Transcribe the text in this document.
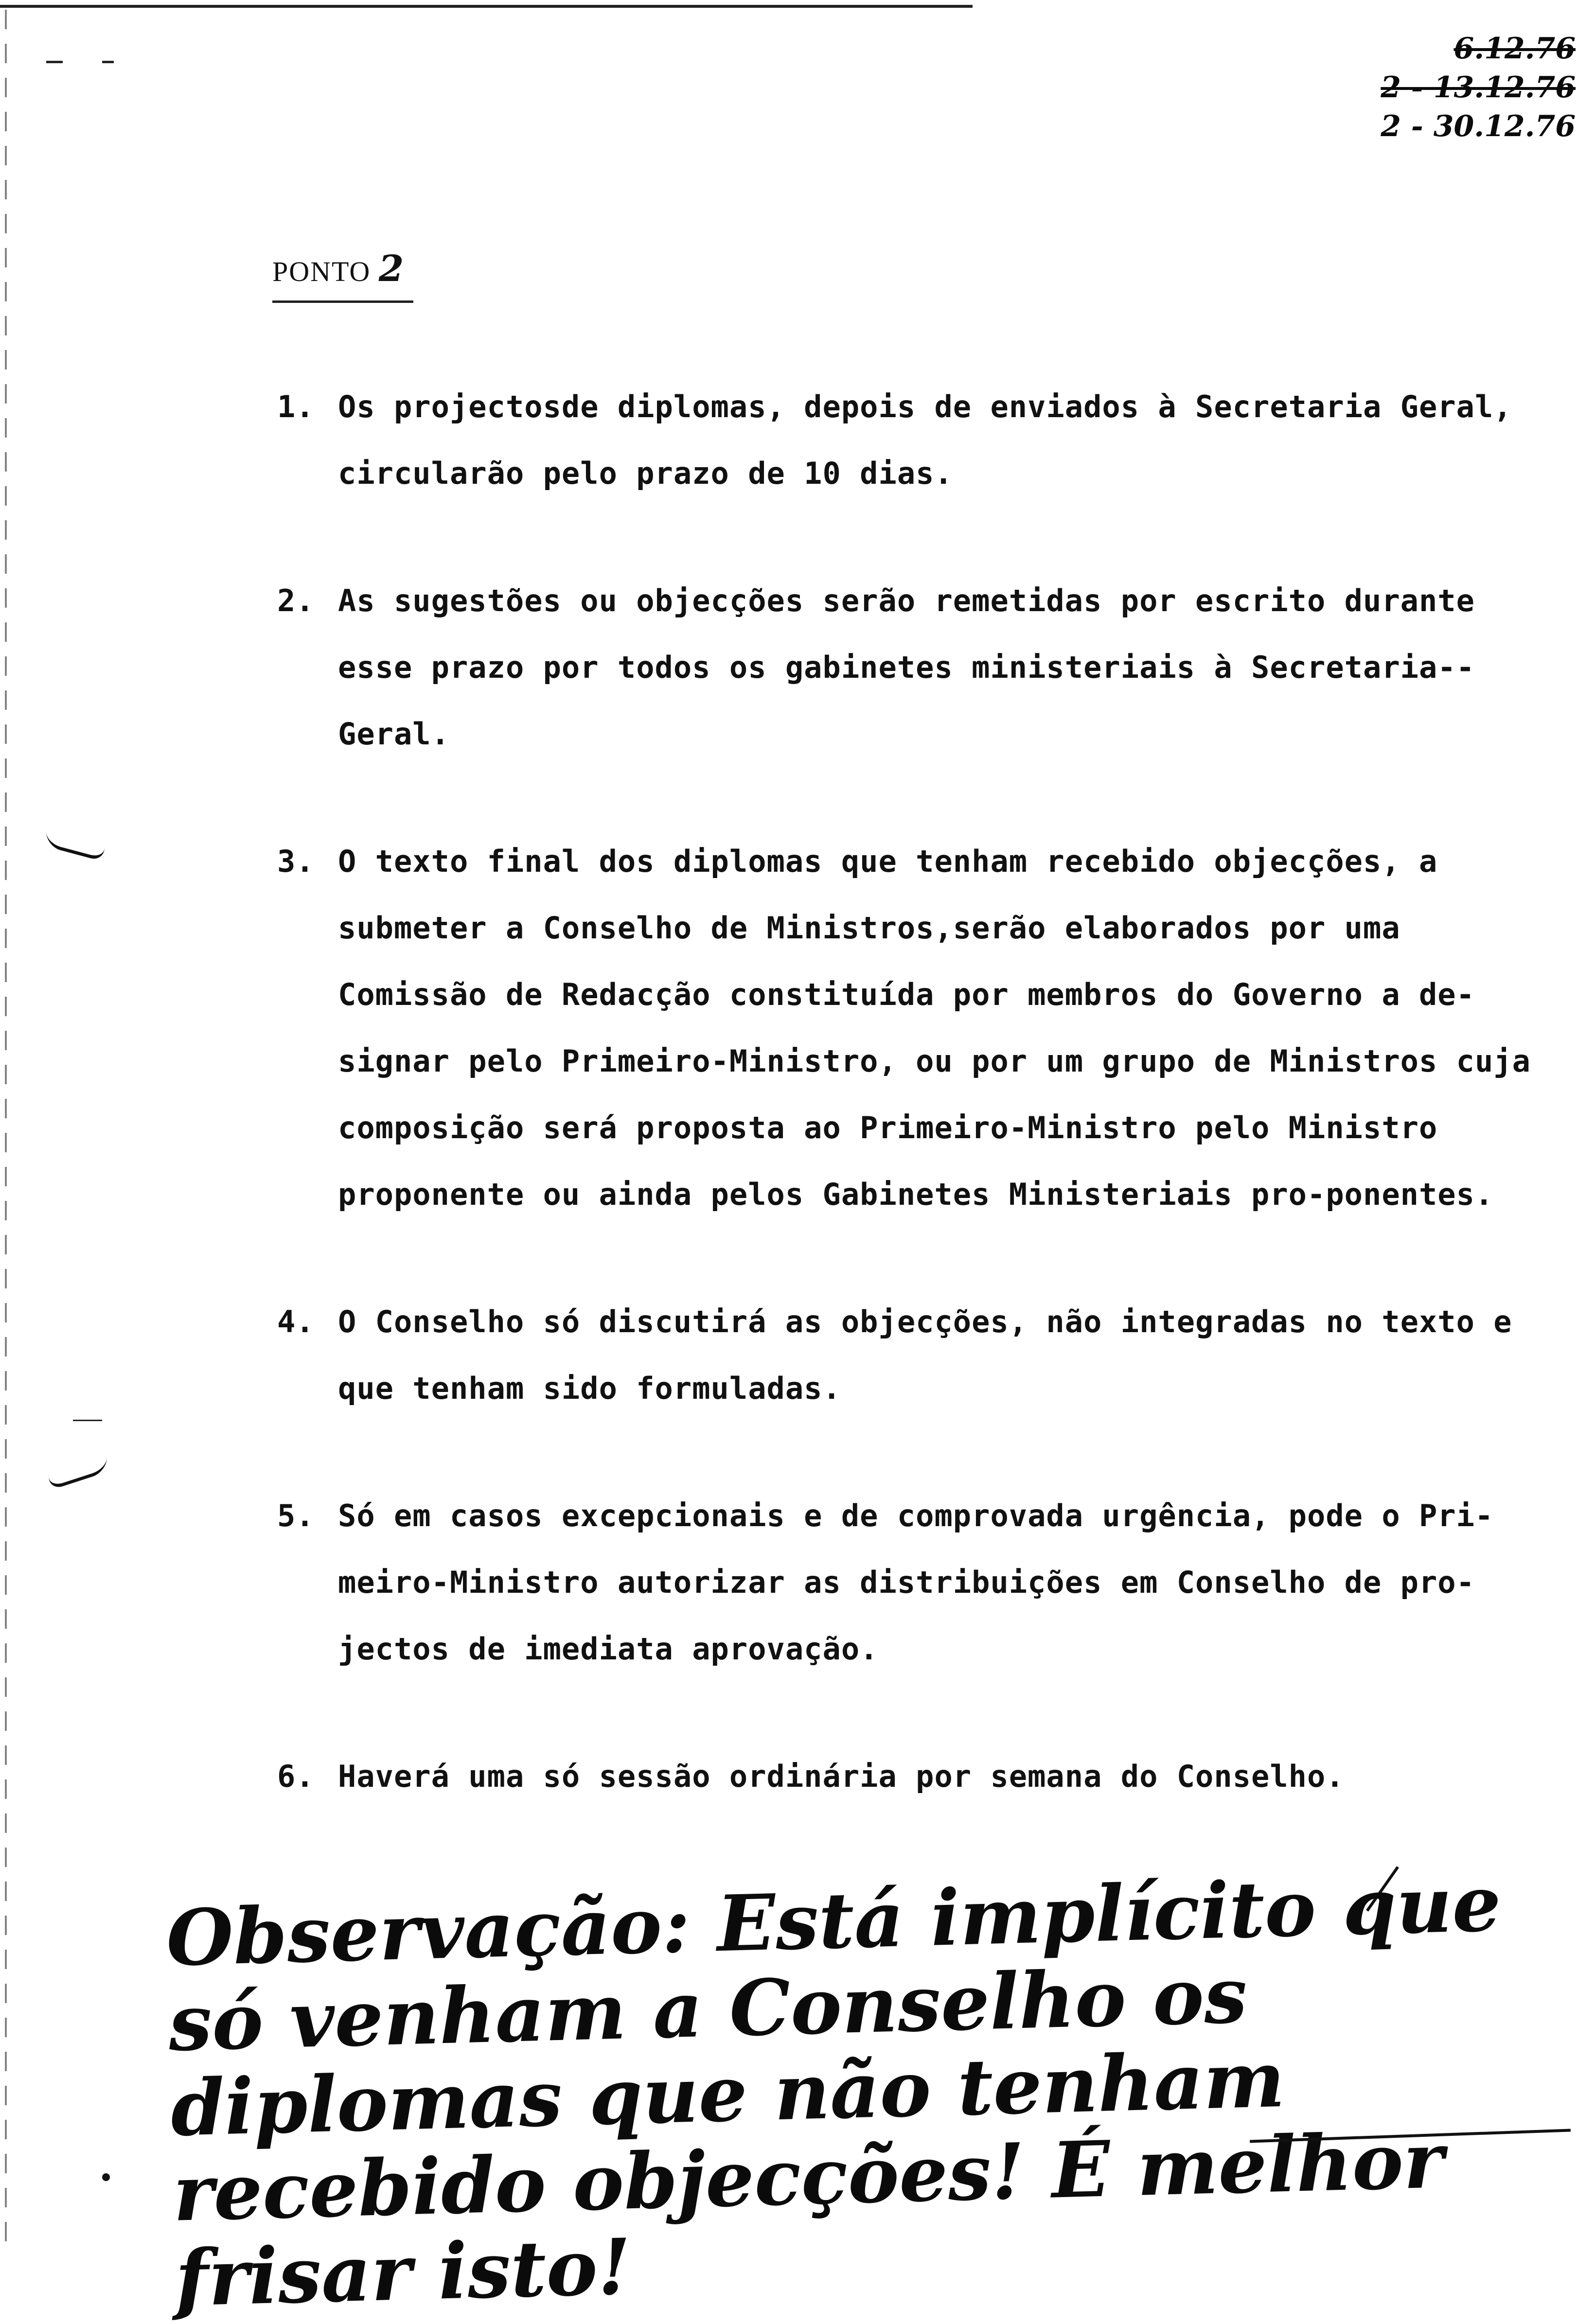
6.12.76
2 - 13.12.76
2 - 30.12.76
PONTO 2
1. Os projectosde diplomas, depois de enviados à Secretaria Geral, circularão pelo prazo de 10 dias.
2. As sugestões ou objecções serão remetidas por escrito durante esse prazo por todos os gabinetes ministeriais à Secretaria--Geral.
3. O texto final dos diplomas que tenham recebido objecções, a submeter a Conselho de Ministros,serão elaborados por uma Comissão de Redacção constituída por membros do Governo a de-signar pelo Primeiro-Ministro, ou por um grupo de Ministros cuja composição será proposta ao Primeiro-Ministro pelo Ministro proponente ou ainda pelos Gabinetes Ministeriais pro-ponentes.
4. O Conselho só discutirá as objecções, não integradas no texto e que tenham sido formuladas.
5. Só em casos excepcionais e de comprovada urgência, pode o Pri-meiro-Ministro autorizar as distribuições em Conselho de pro-jectos de imediata aprovação.
6. Haverá uma só sessão ordinária por semana do Conselho.
Observação: Está implícito que só venham a Conselho os diplomas que não tenham recebido objecções! É melhor frisar isto!
